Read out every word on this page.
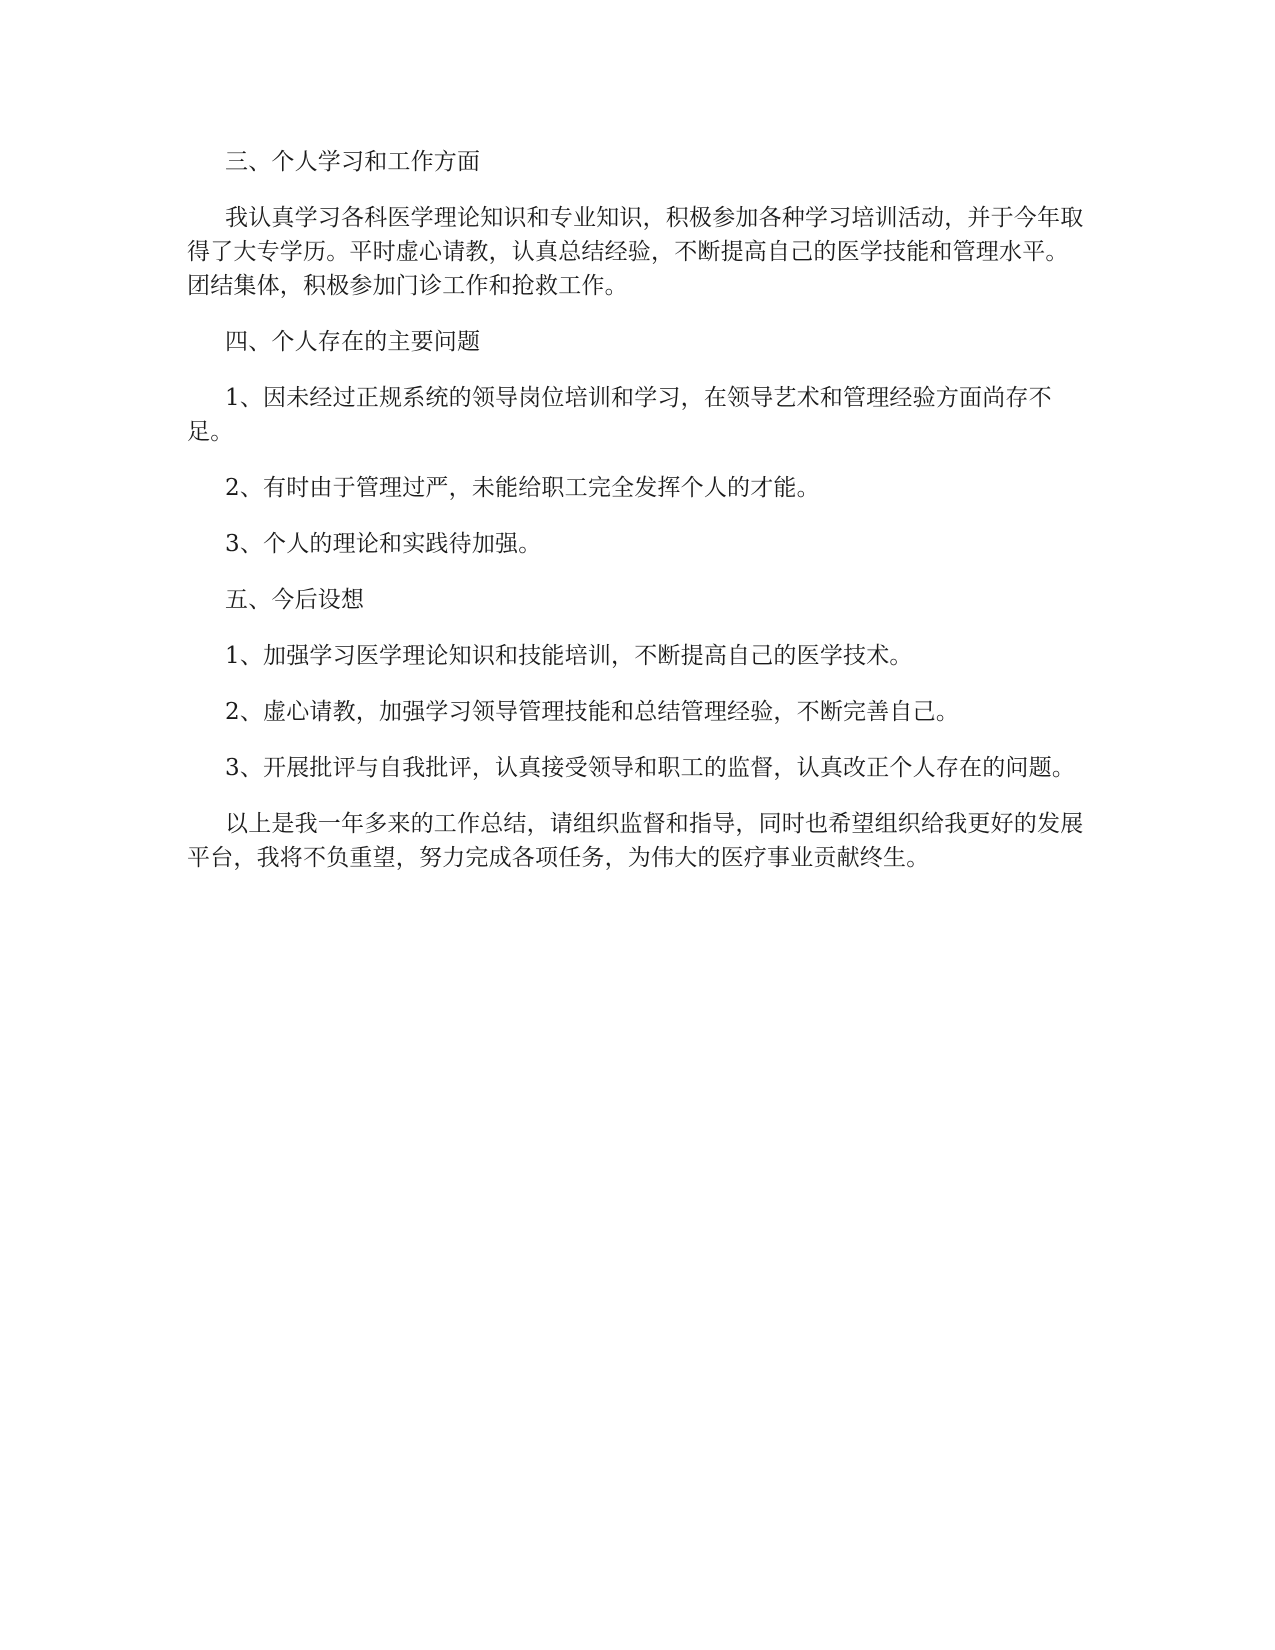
三、个人学习和工作方面

我认真学习各科医学理论知识和专业知识，积极参加各种学习培训活动，并于今年取得了大专学历。平时虚心请教，认真总结经验，不断提高自己的医学技能和管理水平。团结集体，积极参加门诊工作和抢救工作。

四、个人存在的主要问题

1、因未经过正规系统的领导岗位培训和学习，在领导艺术和管理经验方面尚存不足。

2、有时由于管理过严，未能给职工完全发挥个人的才能。

3、个人的理论和实践待加强。

五、今后设想

1、加强学习医学理论知识和技能培训，不断提高自己的医学技术。

2、虚心请教，加强学习领导管理技能和总结管理经验，不断完善自己。

3、开展批评与自我批评，认真接受领导和职工的监督，认真改正个人存在的问题。

以上是我一年多来的工作总结，请组织监督和指导，同时也希望组织给我更好的发展平台，我将不负重望，努力完成各项任务，为伟大的医疗事业贡献终生。
